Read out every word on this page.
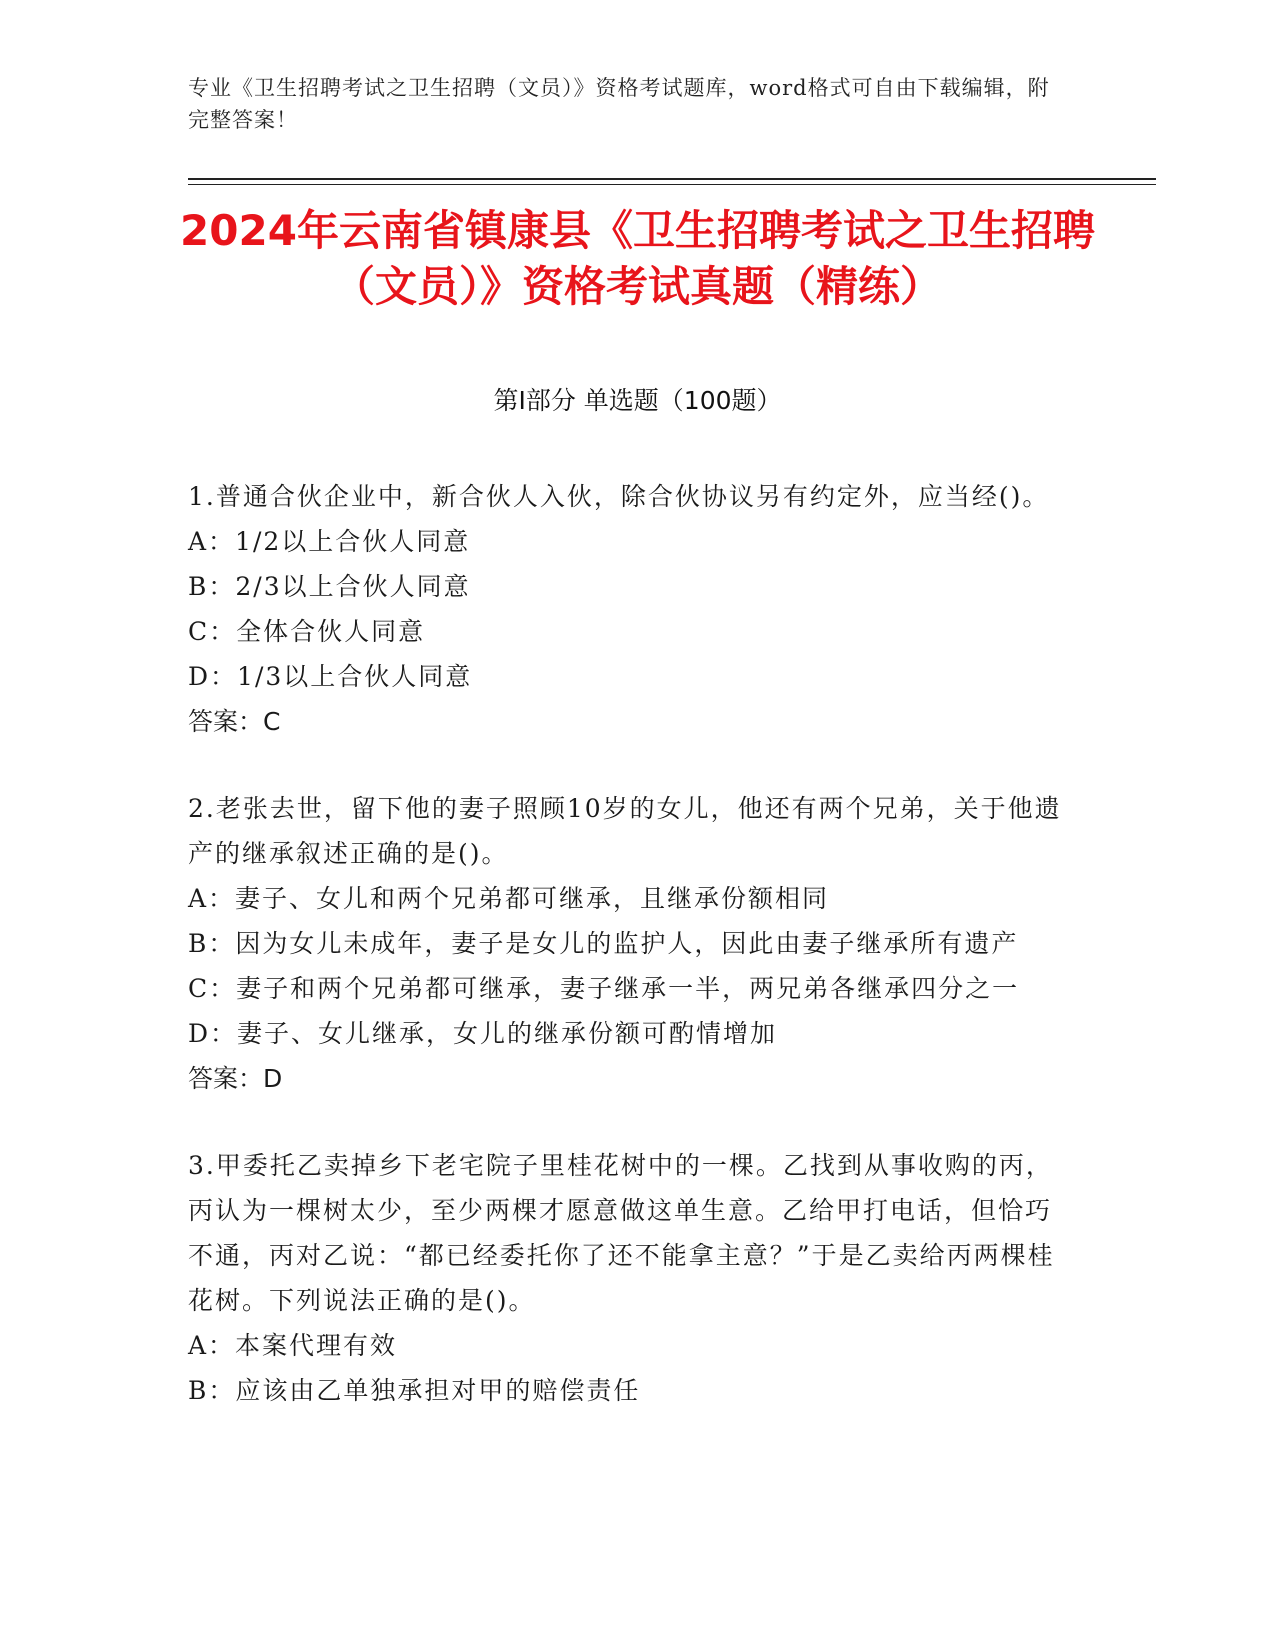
专业《卫生招聘考试之卫生招聘（文员）》资格考试题库，word格式可自由下载编辑，附完整答案！
2024年云南省镇康县《卫生招聘考试之卫生招聘（文员）》资格考试真题（精练）
第I部分 单选题（100题）

1.普通合伙企业中，新合伙人入伙，除合伙协议另有约定外，应当经()。

A：1/2以上合伙人同意

B：2/3以上合伙人同意

C：全体合伙人同意

D：1/3以上合伙人同意

答案：C

2.老张去世，留下他的妻子照顾10岁的女儿，他还有两个兄弟，关于他遗产的继承叙述正确的是()。

A：妻子、女儿和两个兄弟都可继承，且继承份额相同

B：因为女儿未成年，妻子是女儿的监护人，因此由妻子继承所有遗产

C：妻子和两个兄弟都可继承，妻子继承一半，两兄弟各继承四分之一

D：妻子、女儿继承，女儿的继承份额可酌情增加

答案：D

3.甲委托乙卖掉乡下老宅院子里桂花树中的一棵。乙找到从事收购的丙，丙认为一棵树太少，至少两棵才愿意做这单生意。乙给甲打电话，但恰巧不通，丙对乙说：“都已经委托你了还不能拿主意？”于是乙卖给丙两棵桂花树。下列说法正确的是()。

A：本案代理有效

B：应该由乙单独承担对甲的赔偿责任
